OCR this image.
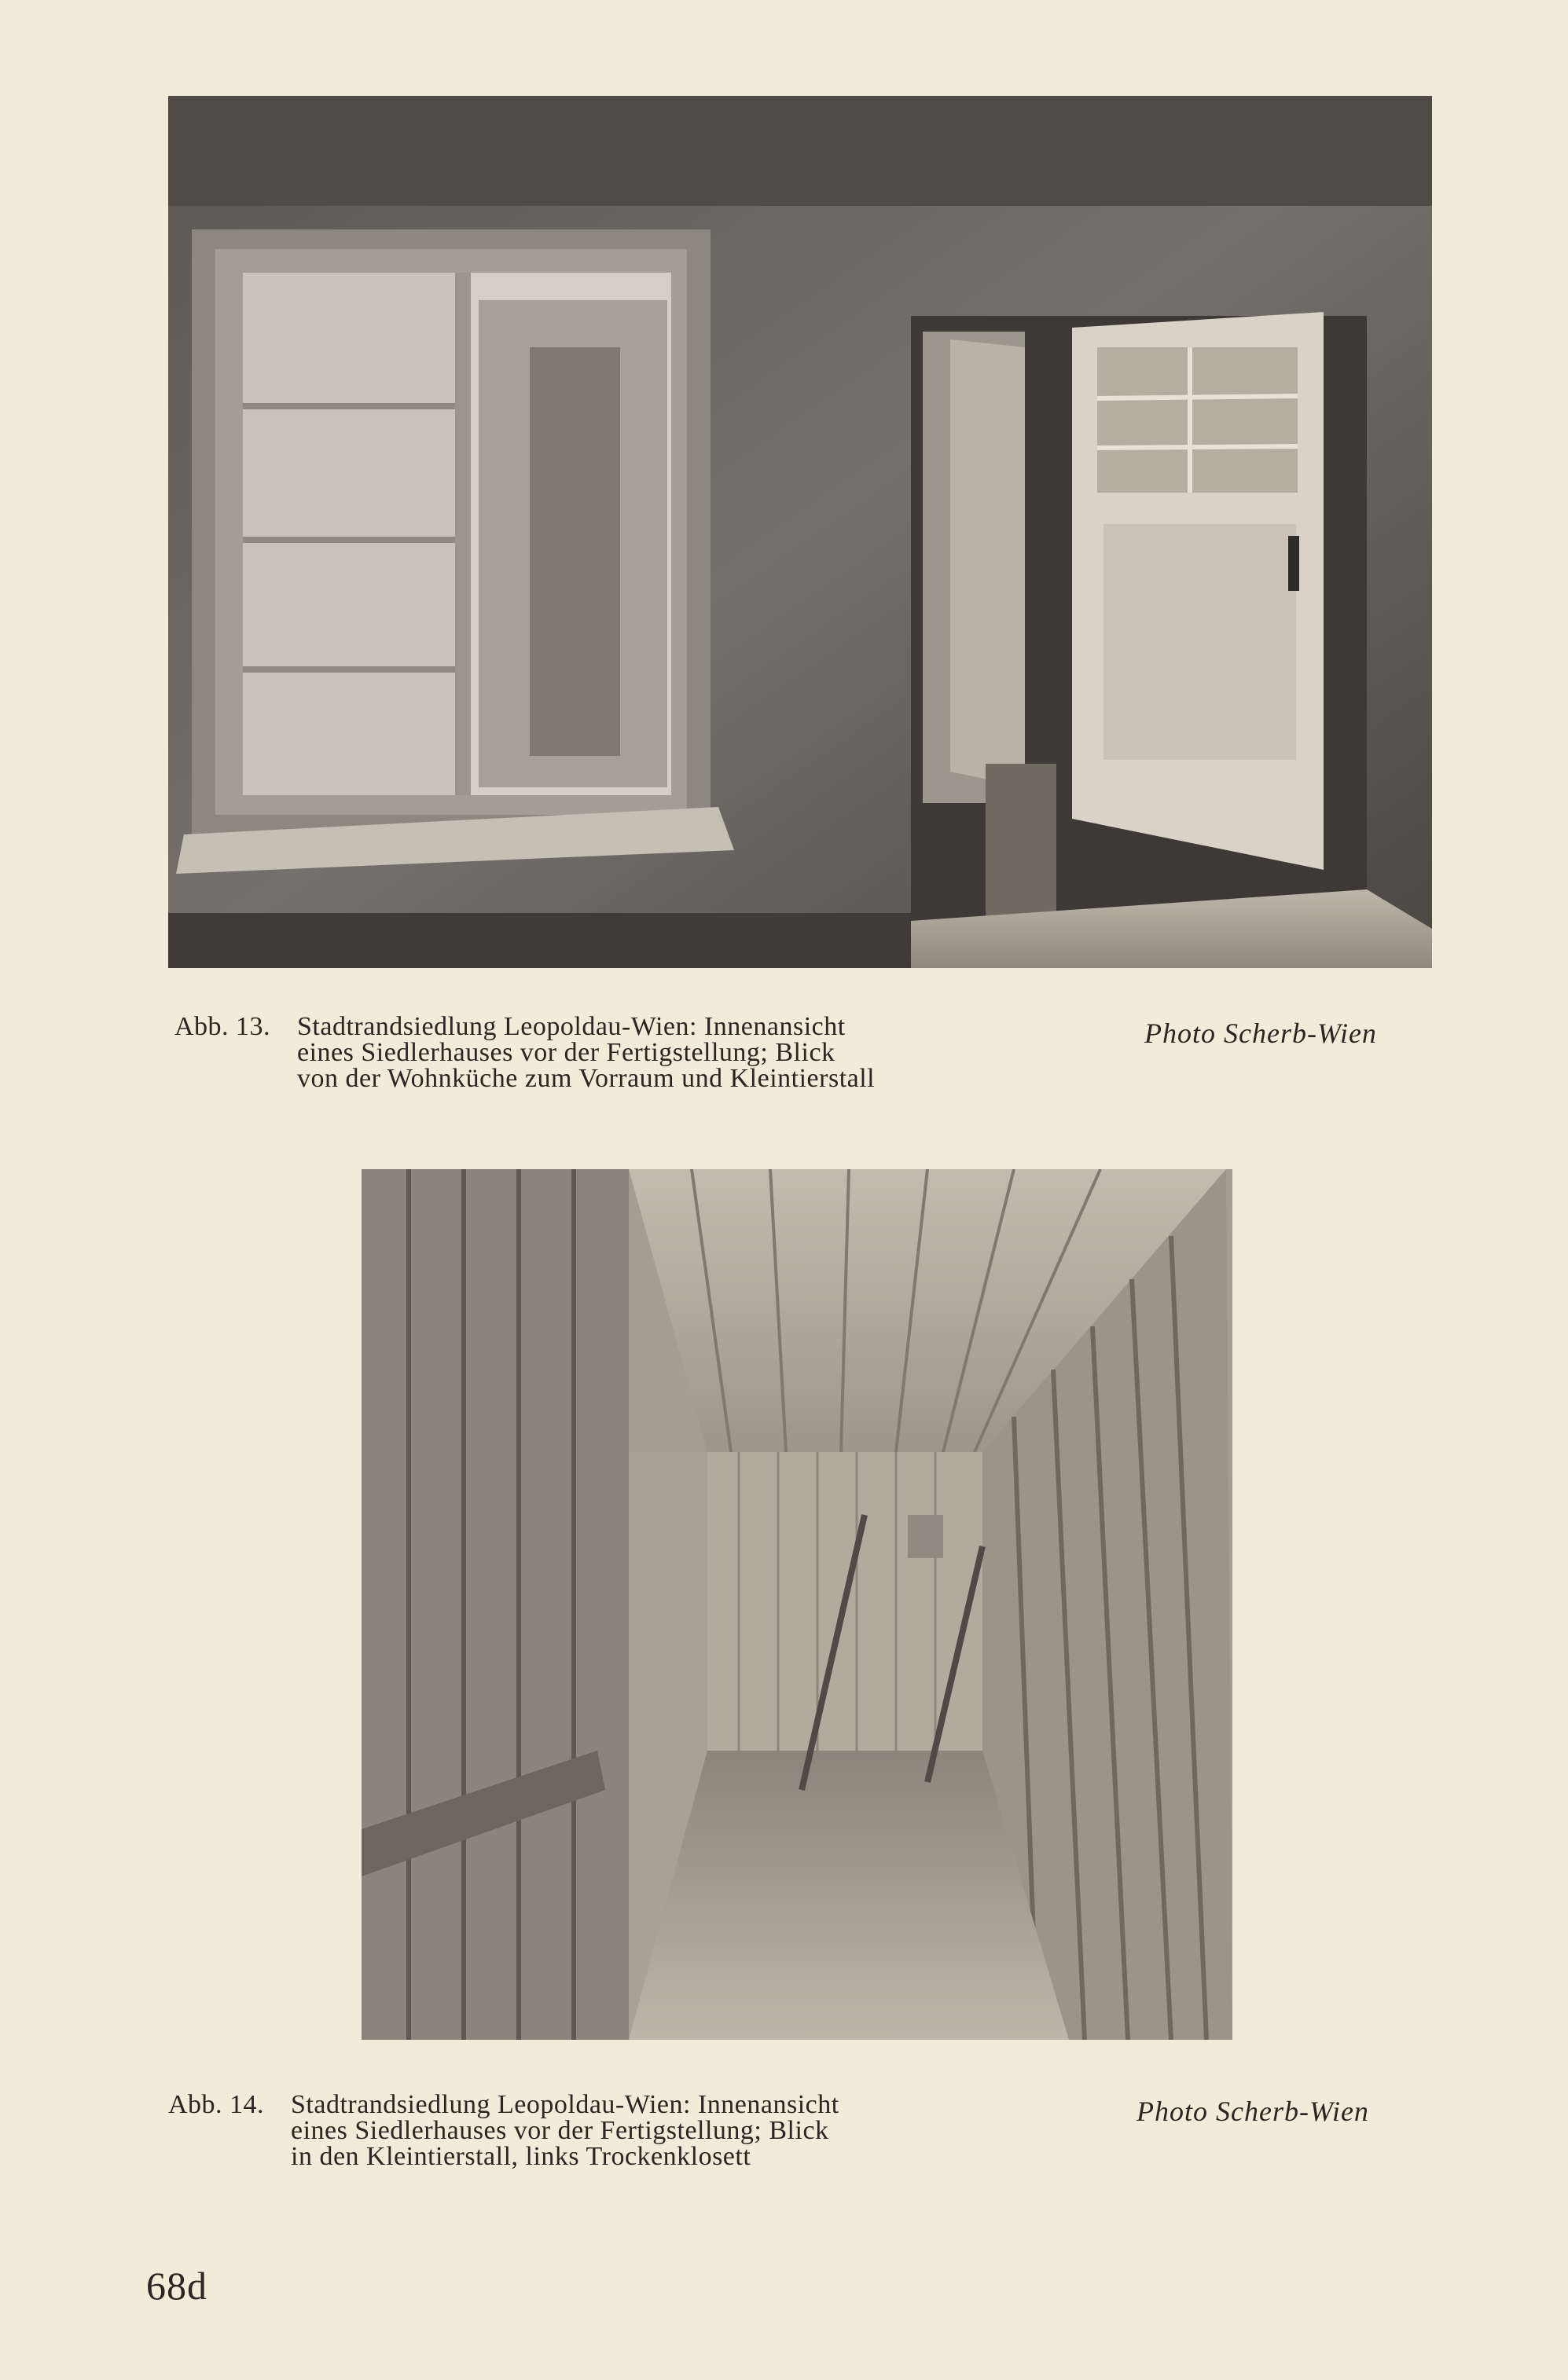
Abb. 13. Stadtrandsiedlung Leopoldau-Wien: Innenansicht
eines Siedlerhauses vor der Fertigstellung; Blick
von der Wohnküche zum Vorraum und Kleintierstall
Photo Scherb-Wien
Abb. 14. Stadtrandsiedlung Leopoldau-Wien: Innenansicht
eines Siedlerhauses vor der Fertigstellung; Blick
in den Kleintierstall, links Trockenklosett
Photo Scherb-Wien
68d
